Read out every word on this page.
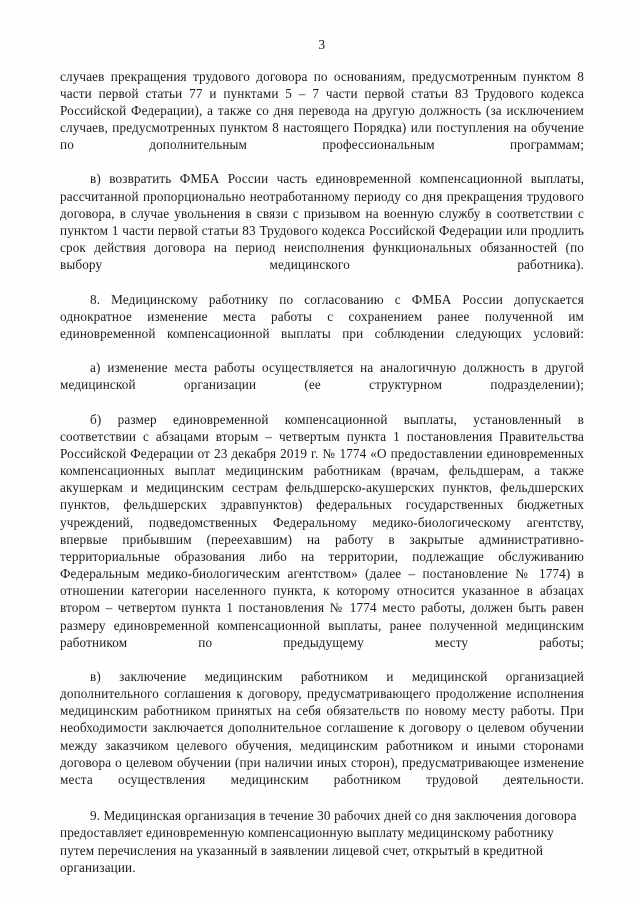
3

случаев прекращения трудового договора по основаниям, предусмотренным пунктом 8 части первой статьи 77 и пунктами 5 – 7 части первой статьи 83 Трудового кодекса Российской Федерации), а также со дня перевода на другую должность (за исключением случаев, предусмотренных пунктом 8 настоящего Порядка) или поступления на обучение по дополнительным профессиональным программам;

в) возвратить ФМБА России часть единовременной компенсационной выплаты, рассчитанной пропорционально неотработанному периоду со дня прекращения трудового договора, в случае увольнения в связи с призывом на военную службу в соответствии с пунктом 1 части первой статьи 83 Трудового кодекса Российской Федерации или продлить срок действия договора на период неисполнения функциональных обязанностей (по выбору медицинского работника).

8. Медицинскому работнику по согласованию с ФМБА России допускается однократное изменение места работы с сохранением ранее полученной им единовременной компенсационной выплаты при соблюдении следующих условий:

а) изменение места работы осуществляется на аналогичную должность в другой медицинской организации (ее структурном подразделении);

б) размер единовременной компенсационной выплаты, установленный в соответствии с абзацами вторым – четвертым пункта 1 постановления Правительства Российской Федерации от 23 декабря 2019 г. № 1774 «О предоставлении единовременных компенсационных выплат медицинским работникам (врачам, фельдшерам, а также акушеркам и медицинским сестрам фельдшерско-акушерских пунктов, фельдшерских пунктов, фельдшерских здравпунктов) федеральных государственных бюджетных учреждений, подведомственных Федеральному медико-биологическому агентству, впервые прибывшим (переехавшим) на работу в закрытые административно-территориальные образования либо на территории, подлежащие обслуживанию Федеральным медико-биологическим агентством» (далее – постановление № 1774) в отношении категории населенного пункта, к которому относится указанное в абзацах втором – четвертом пункта 1 постановления № 1774 место работы, должен быть равен размеру единовременной компенсационной выплаты, ранее полученной медицинским работником по предыдущему месту работы;

в) заключение медицинским работником и медицинской организацией дополнительного соглашения к договору, предусматривающего продолжение исполнения медицинским работником принятых на себя обязательств по новому месту работы. При необходимости заключается дополнительное соглашение к договору о целевом обучении между заказчиком целевого обучения, медицинским работником и иными сторонами договора о целевом обучении (при наличии иных сторон), предусматривающее изменение места осуществления медицинским работником трудовой деятельности.

9. Медицинская организация в течение 30 рабочих дней со дня заключения договора предоставляет единовременную компенсационную выплату медицинскому работнику путем перечисления на указанный в заявлении лицевой счет, открытый в кредитной организации.
